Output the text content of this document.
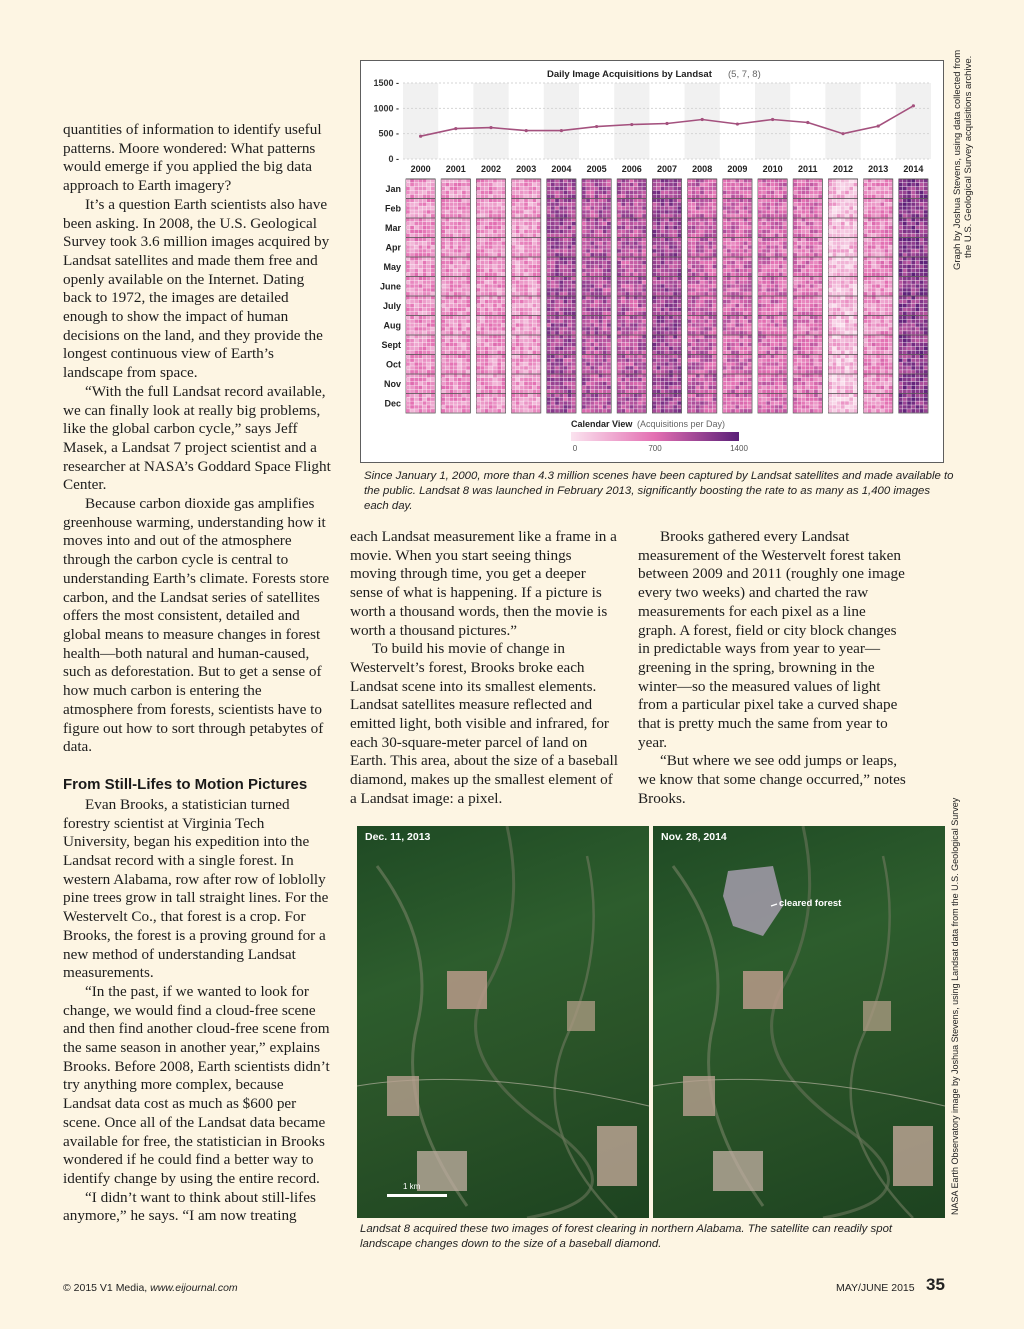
quantities of information to identify useful patterns. Moore wondered: What patterns would emerge if you applied the big data approach to Earth imagery?

It’s a question Earth scientists also have been asking. In 2008, the U.S. Geological Survey took 3.6 million images acquired by Landsat satellites and made them free and openly available on the Internet. Dating back to 1972, the images are detailed enough to show the impact of human decisions on the land, and they provide the longest continuous view of Earth’s landscape from space.

“With the full Landsat record available, we can finally look at really big problems, like the global carbon cycle,” says Jeff Masek, a Landsat 7 project scientist and a researcher at NASA’s Goddard Space Flight Center.

Because carbon dioxide gas amplifies greenhouse warming, understanding how it moves into and out of the atmosphere through the carbon cycle is central to understanding Earth’s climate. Forests store carbon, and the Landsat series of satellites offers the most consistent, detailed and global means to measure changes in forest health—both natural and human-caused, such as deforestation. But to get a sense of how much carbon is entering the atmosphere from forests, scientists have to figure out how to sort through petabytes of data.

From Still-Lifes to Motion Pictures

Evan Brooks, a statistician turned forestry scientist at Virginia Tech University, began his expedition into the Landsat record with a single forest. In western Alabama, row after row of loblolly pine trees grow in tall straight lines. For the Westervelt Co., that forest is a crop. For Brooks, the forest is a proving ground for a new method of understanding Landsat measurements.

“In the past, if we wanted to look for change, we would find a cloud-free scene and then find another cloud-free scene from the same season in another year,” explains Brooks. Before 2008, Earth scientists didn’t try anything more complex, because Landsat data cost as much as $600 per scene. Once all of the Landsat data became available for free, the statistician in Brooks wondered if he could find a better way to identify change by using the entire record.

“I didn’t want to think about still-lifes anymore,” he says. “I am now treating

Daily Image Acquisitions by Landsat (5, 7, 8)
1500 -
1000 -
500 -
0 -
2000 2001 2002 2003 2004 2005 2006 2007 2008 2009 2010 2011 2012 2013 2014
Jan
Feb
Mar
Apr
May
June
July
Aug
Sept
Oct
Nov
Dec
Calendar View (Acquisitions per Day)
0	700	1400
Graph by Joshua Stevens, using data collected from the U.S. Geological Survey acquisitions archive.
Since January 1, 2000, more than 4.3 million scenes have been captured by Landsat satellites and made available to the public. Landsat 8 was launched in February 2013, significantly boosting the rate to as many as 1,400 images each day.

each Landsat measurement like a frame in a movie. When you start seeing things moving through time, you get a deeper sense of what is happening. If a picture is worth a thousand words, then the movie is worth a thousand pictures.”

To build his movie of change in Westervelt’s forest, Brooks broke each Landsat scene into its smallest elements. Landsat satellites measure reflected and emitted light, both visible and infrared, for each 30-square-meter parcel of land on Earth. This area, about the size of a baseball diamond, makes up the smallest element of a Landsat image: a pixel.

Brooks gathered every Landsat measurement of the Westervelt forest taken between 2009 and 2011 (roughly one image every two weeks) and charted the raw measurements for each pixel as a line graph. A forest, field or city block changes in predictable ways from year to year—greening in the spring, browning in the winter—so the measured values of light from a particular pixel take a curved shape that is pretty much the same from year to year.

“But where we see odd jumps or leaps, we know that some change occurred,” notes Brooks.

Dec. 11, 2013
1 km
Nov. 28, 2014
cleared forest	NASA Earth Observatory image by Joshua Stevens, using Landsat data from the U.S. Geological Survey
Landsat 8 acquired these two images of forest clearing in northern Alabama. The satellite can readily spot landscape changes down to the size of a baseball diamond.
© 2015 V1 Media, www.eijournal.com	MAY/JUNE 2015 35
